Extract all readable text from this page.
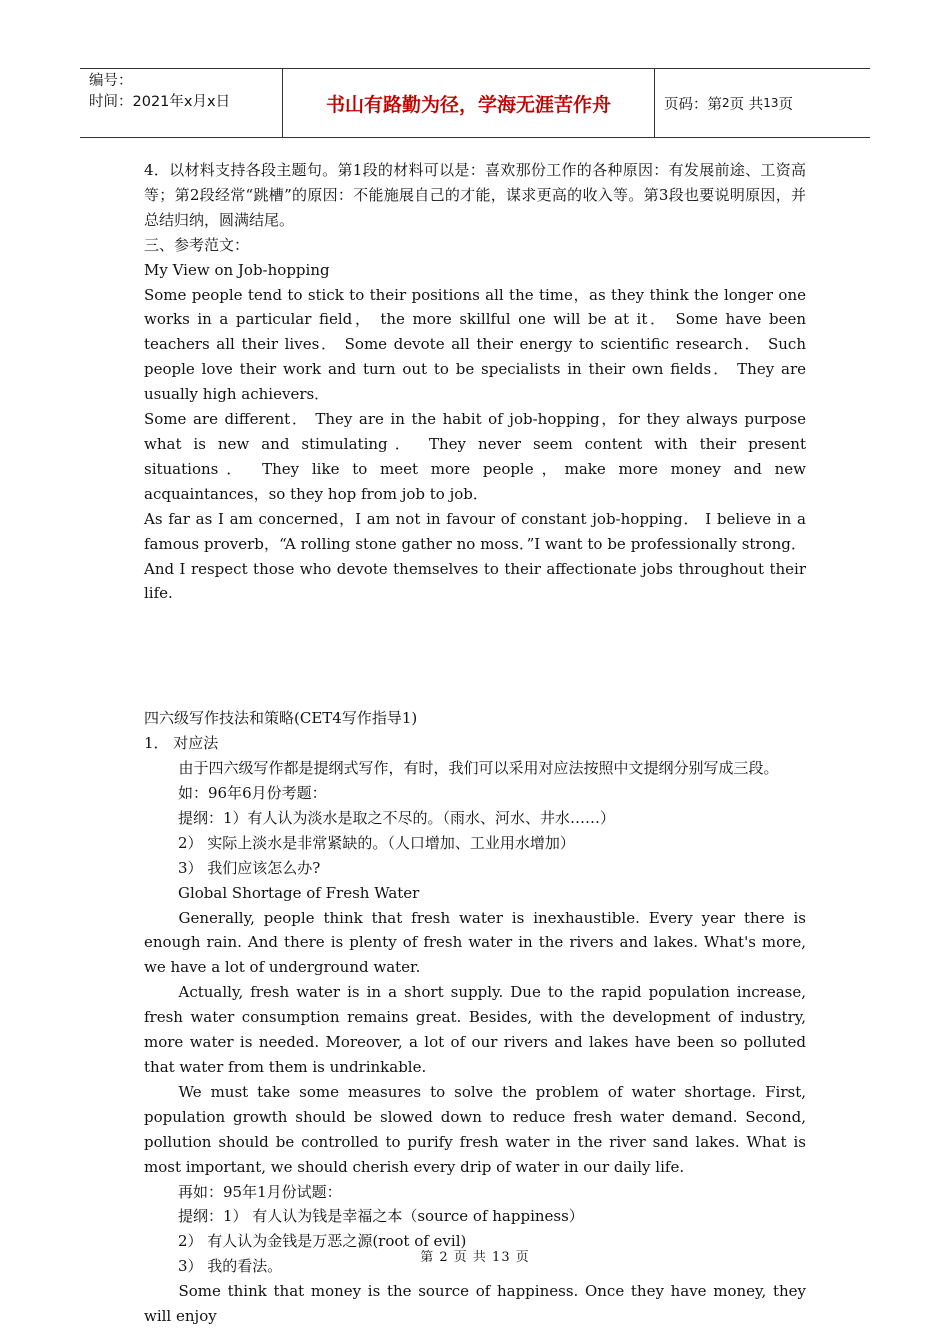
编号：
时间：2021年x月x日	书山有路勤为径，学海无涯苦作舟	页码：第 2 页 共 13 页

4．以材料支持各段主题句。第1段的材料可以是：喜欢那份工作的各种原因：有发展前途、工资高等；第2段经常“跳槽”的原因：不能施展自己的才能，谋求更高的收入等。第3段也要说明原因，并总结归纳，圆满结尾。

三、参考范文：

My View on Job-hopping

Some people tend to stick to their positions all the time，as they think the longer one works in a particular field， the more skillful one will be at it． Some have been teachers all their lives． Some devote all their energy to scientific research． Such people love their work and turn out to be specialists in their own fields． They are usually high achievers．

Some are different． They are in the habit of job-hopping，for they always purpose what is new and stimulating． They never seem content with their present situations． They like to meet more people，make more money and new acquaintances，so they hop from job to job．

As far as I am concerned，I am not in favour of constant job-hopping． I believe in a famous proverb，“A rolling stone gather no moss．”I want to be professionally strong． And I respect those who devote themselves to their affectionate jobs throughout their life.

四六级写作技法和策略(CET4写作指导1)

1． 对应法

由于四六级写作都是提纲式写作，有时，我们可以采用对应法按照中文提纲分别写成三段。

如：96年6月份考题：

提纲：1）有人认为淡水是取之不尽的。（雨水、河水、井水……）

2） 实际上淡水是非常紧缺的。（人口增加、工业用水增加）

3） 我们应该怎么办?

Global Shortage of Fresh Water

Generally, people think that fresh water is inexhaustible. Every year there is enough rain. And there is plenty of fresh water in the rivers and lakes. What's more, we have a lot of underground water.

Actually, fresh water is in a short supply. Due to the rapid population increase, fresh water consumption remains great. Besides, with the development of industry, more water is needed. Moreover, a lot of our rivers and lakes have been so polluted that water from them is undrinkable.

We must take some measures to solve the problem of water shortage. First, population growth should be slowed down to reduce fresh water demand. Second, pollution should be controlled to purify fresh water in the river sand lakes. What is most important, we should cherish every drip of water in our daily life.

再如：95年1月份试题：

提纲：1） 有人认为钱是幸福之本（source of happiness）

2） 有人认为金钱是万恶之源(root of evil)

3） 我的看法。

Some think that money is the source of happiness. Once they have money, they will enjoy

第 2 页 共 13 页
